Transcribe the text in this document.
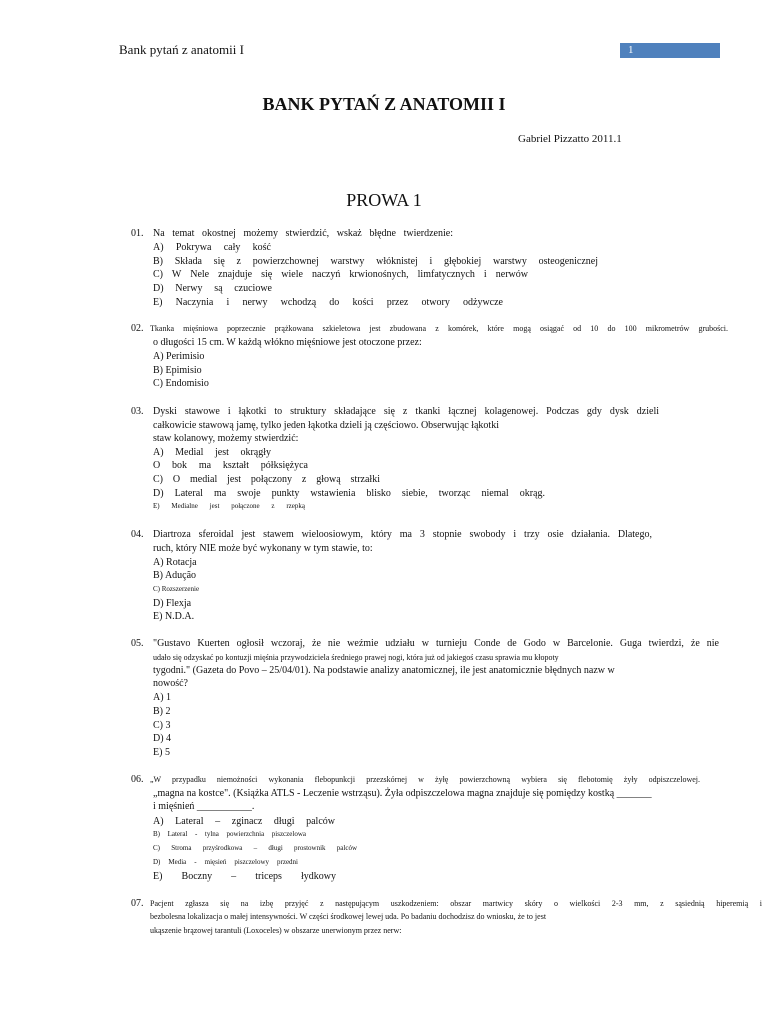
Bank pytań z anatomii I	1
BANK PYTAŃ Z ANATOMII I
Gabriel Pizzatto 2011.1
PROWA 1
01. Na temat okostnej możemy stwierdzić, wskaż błędne twierdzenie:
A) Pokrywa cały kość
B) Składa się z powierzchownej warstwy włóknistej i głębokiej warstwy osteogenicznej
C) W Nele znajduje się wiele naczyń krwionośnych, limfatycznych i nerwów
D) Nerwy są czuciowe
E) Naczynia i nerwy wchodzą do kości przez otwory odżywcze
02. Tkanka mięśniowa poprzecznie prążkowana szkieletowa jest zbudowana z komórek, które mogą osiągać od 10 do 100 mikrometrów grubości.
o długości 15 cm. W każdą włókno mięśniowe jest otoczone przez:
A) Perimisio
B) Epimisio
C) Endomisio
03. Dyski stawowe i łąkotki to struktury składające się z tkanki łącznej kolagenowej. Podczas gdy dysk dzieli
całkowicie stawową jamę, tylko jeden łąkotka dzieli ją częściowo. Obserwując łąkotki
staw kolanowy, możemy stwierdzić:
A) Medial jest okrągły
O bok ma kształt półksiężyca
C) O medial jest połączony z głową strzałki
D) Lateral ma swoje punkty wstawienia blisko siebie, tworząc niemal okrąg.
E) Medialne jest połączone z rzepką
04. Diartroza sferoidal jest stawem wieloosiowym, który ma 3 stopnie swobody i trzy osie działania. Dlatego,
ruch, który NIE może być wykonany w tym stawie, to:
A) Rotacja
B) Adução
C) Rozszerzenie
D) Flexja
E) N.D.A.
05. "Gustavo Kuerten ogłosił wczoraj, że nie weźmie udziału w turnieju Conde de Godo w Barcelonie. Guga twierdzi, że nie
udało się odzyskać po kontuzji mięśnia przywodziciela średniego prawej nogi, która już od jakiegoś czasu sprawia mu kłopoty
tygodni." (Gazeta do Povo – 25/04/01). Na podstawie analizy anatomicznej, ile jest anatomicznie błędnych nazw w
nowość?
A) 1
B) 2
C) 3
D) 4
E) 5
06. „W przypadku niemożności wykonania flebopunkcji przezskórnej w żyłę powierzchowną wybiera się flebotomię żyły odpiszczelowej.
„magna na kostce". (Książka ATLS - Leczenie wstrząsu). Żyła odpiszczelowa magna znajduje się pomiędzy kostką _______
i mięśnień ___________.
A) Lateral – zginacz długi palców
B) Lateral - tylna powierzchnia piszczelowa
C) Stroma przyśrodkowa – długi prostownik palców
D) Media - mięsień piszczelowy przedni
E) Boczny – triceps łydkowy
07. Pacjent zgłasza się na izbę przyjęć z następującym uszkodzeniem: obszar martwicy skóry o wielkości 2-3 mm, z sąsiednią hiperemią i
bezbolesna lokalizacja o małej intensywności. W części środkowej lewej uda. Po badaniu dochodzisz do wniosku, że to jest
ukąszenie brązowej tarantuli (Loxoceles) w obszarze unerwionym przez nerw:
